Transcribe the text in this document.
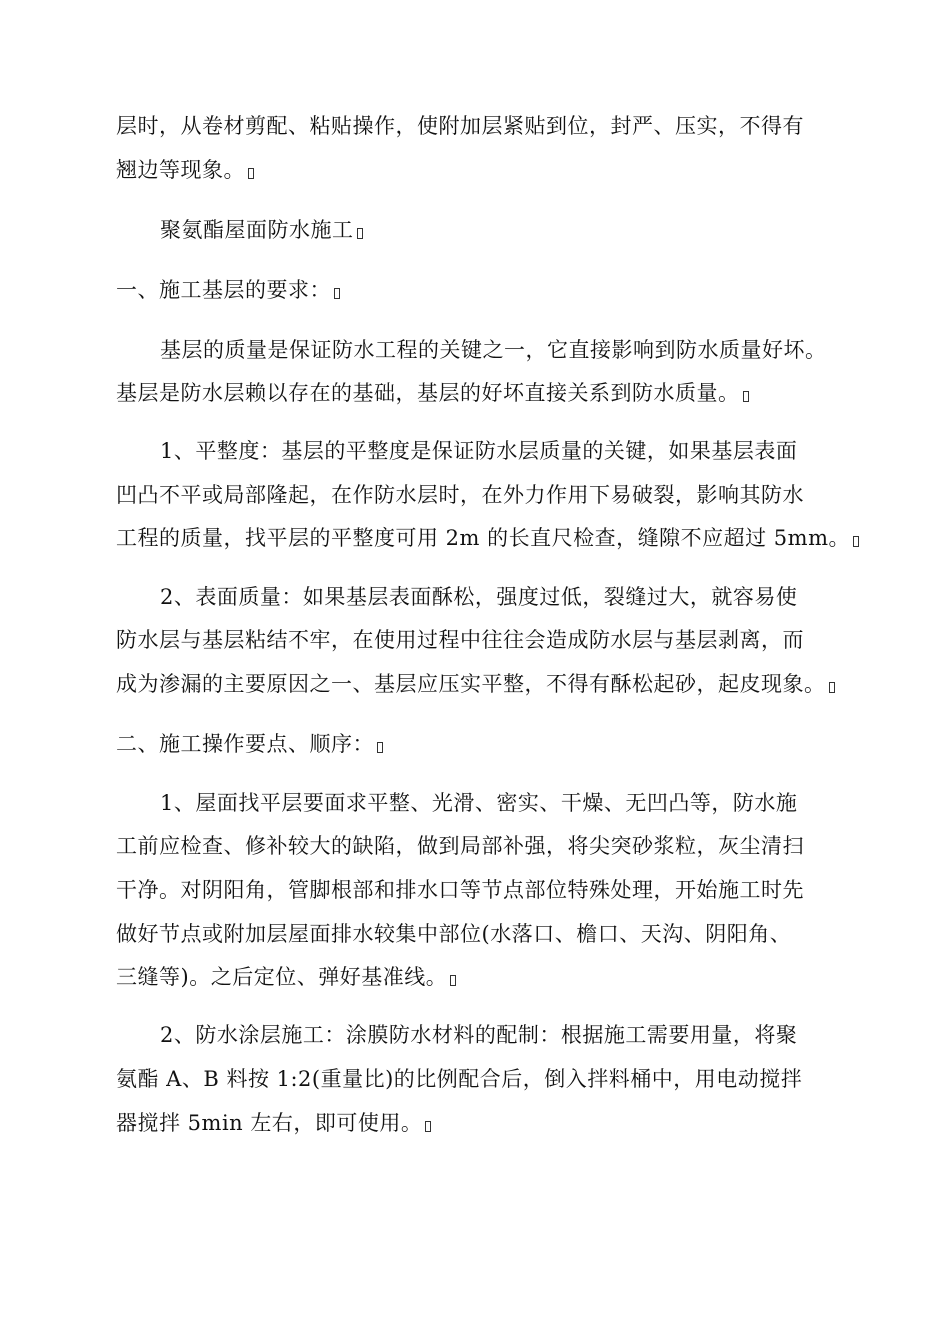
层时，从卷材剪配、粘贴操作，使附加层紧贴到位，封严、压实，不得有
翘边等现象。
聚氨酯屋面防水施工
一、施工基层的要求：
基层的质量是保证防水工程的关键之一，它直接影响到防水质量好坏。
基层是防水层赖以存在的基础，基层的好坏直接关系到防水质量。
1、平整度：基层的平整度是保证防水层质量的关键，如果基层表面
凹凸不平或局部隆起，在作防水层时，在外力作用下易破裂，影响其防水
工程的质量，找平层的平整度可用 2m 的长直尺检查，缝隙不应超过 5mm。
2、表面质量：如果基层表面酥松，强度过低，裂缝过大，就容易使
防水层与基层粘结不牢，在使用过程中往往会造成防水层与基层剥离，而
成为渗漏的主要原因之一、基层应压实平整，不得有酥松起砂，起皮现象。
二、施工操作要点、顺序：
1、屋面找平层要面求平整、光滑、密实、干燥、无凹凸等，防水施
工前应检查、修补较大的缺陷，做到局部补强，将尖突砂浆粒，灰尘清扫
干净。对阴阳角，管脚根部和排水口等节点部位特殊处理，开始施工时先
做好节点或附加层屋面排水较集中部位(水落口、檐口、天沟、阴阳角、
三缝等)。之后定位、弹好基准线。
2、防水涂层施工：涂膜防水材料的配制：根据施工需要用量，将聚
氨酯 A、B 料按 1:2(重量比)的比例配合后，倒入拌料桶中，用电动搅拌
器搅拌 5min 左右，即可使用。
